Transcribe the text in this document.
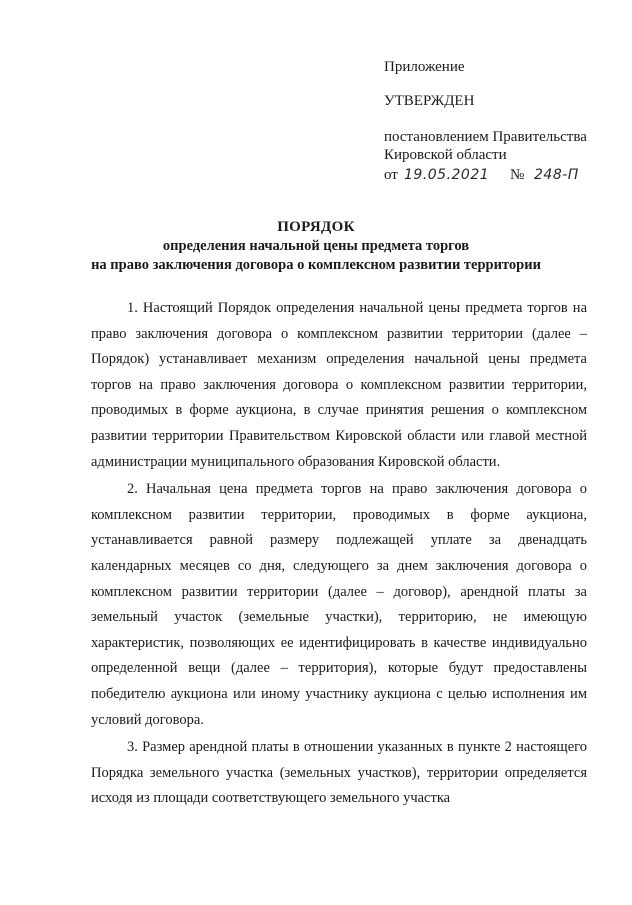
Приложение
УТВЕРЖДЕН
постановлением Правительства
Кировской области
от 19.05.2021 № 248-П
ПОРЯДОК
определения начальной цены предмета торгов
на право заключения договора о комплексном развитии территории

1. Настоящий Порядок определения начальной цены предмета торгов на право заключения договора о комплексном развитии территории (далее – Порядок) устанавливает механизм определения начальной цены предмета торгов на право заключения договора о комплексном развитии территории, проводимых в форме аукциона, в случае принятия решения о комплексном развитии территории Правительством Кировской области или главой местной администрации муниципального образования Кировской области.

2. Начальная цена предмета торгов на право заключения договора о комплексном развитии территории, проводимых в форме аукциона, устанавливается равной размеру подлежащей уплате за двенадцать календарных месяцев со дня, следующего за днем заключения договора о комплексном развитии территории (далее – договор), арендной платы за земельный участок (земельные участки), территорию, не имеющую характеристик, позволяющих ее идентифицировать в качестве индивидуально определенной вещи (далее – территория), которые будут предоставлены победителю аукциона или иному участнику аукциона с целью исполнения им условий договора.

3. Размер арендной платы в отношении указанных в пункте 2 настоящего Порядка земельного участка (земельных участков), территории определяется исходя из площади соответствующего земельного участка
